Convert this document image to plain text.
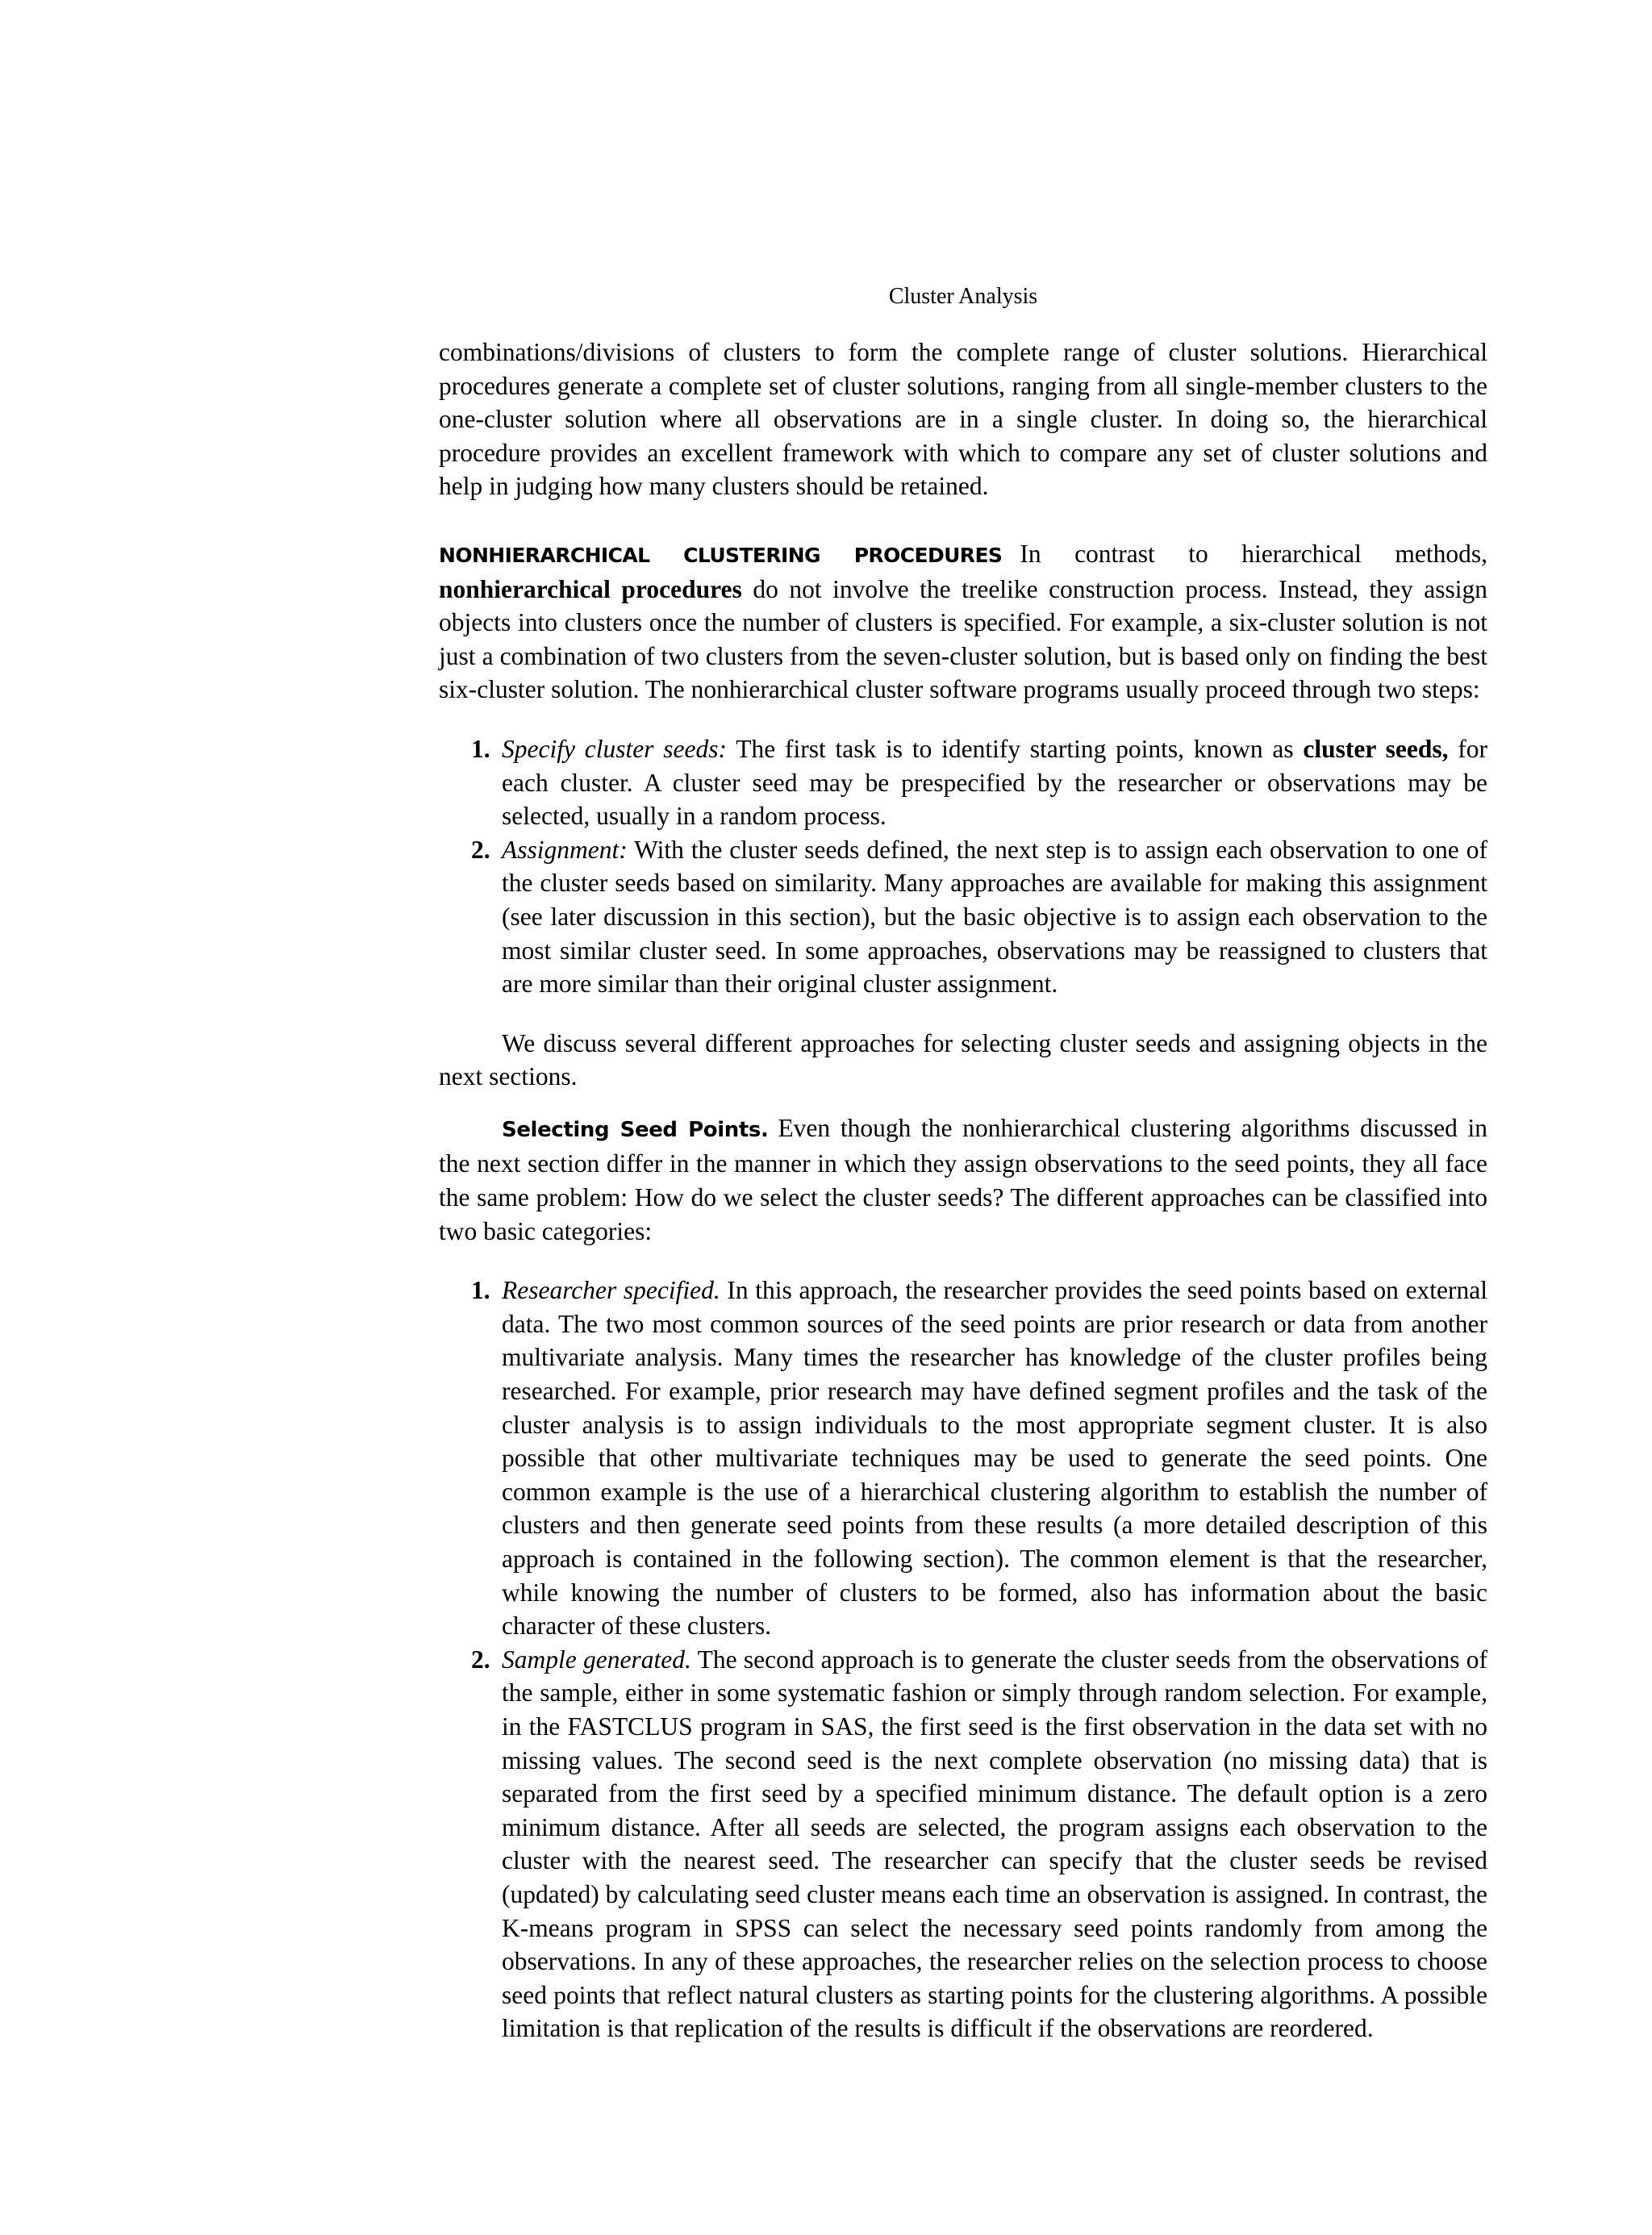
Cluster Analysis

combinations/divisions of clusters to form the complete range of cluster solutions. Hierarchical procedures generate a complete set of cluster solutions, ranging from all single-member clusters to the one-cluster solution where all observations are in a single cluster. In doing so, the hierarchical procedure provides an excellent framework with which to compare any set of cluster solutions and help in judging how many clusters should be retained.

NONHIERARCHICAL CLUSTERING PROCEDURES In contrast to hierarchical methods, nonhierarchical procedures do not involve the treelike construction process. Instead, they assign objects into clusters once the number of clusters is specified. For example, a six-cluster solution is not just a combination of two clusters from the seven-cluster solution, but is based only on finding the best six-cluster solution. The nonhierarchical cluster software programs usually proceed through two steps:

1. Specify cluster seeds: The first task is to identify starting points, known as cluster seeds, for each cluster. A cluster seed may be prespecified by the researcher or observations may be selected, usually in a random process.
2. Assignment: With the cluster seeds defined, the next step is to assign each observation to one of the cluster seeds based on similarity. Many approaches are available for making this assignment (see later discussion in this section), but the basic objective is to assign each observation to the most similar cluster seed. In some approaches, observations may be reassigned to clusters that are more similar than their original cluster assignment.

We discuss several different approaches for selecting cluster seeds and assigning objects in the next sections.

Selecting Seed Points. Even though the nonhierarchical clustering algorithms discussed in the next section differ in the manner in which they assign observations to the seed points, they all face the same problem: How do we select the cluster seeds? The different approaches can be classified into two basic categories:

1. Researcher specified. In this approach, the researcher provides the seed points based on external data. The two most common sources of the seed points are prior research or data from another multivariate analysis. Many times the researcher has knowledge of the cluster profiles being researched. For example, prior research may have defined segment profiles and the task of the cluster analysis is to assign individuals to the most appropriate segment cluster. It is also possible that other multivariate techniques may be used to generate the seed points. One common example is the use of a hierarchical clustering algorithm to establish the number of clusters and then generate seed points from these results (a more detailed description of this approach is contained in the following section). The common element is that the researcher, while knowing the number of clusters to be formed, also has information about the basic character of these clusters.
2. Sample generated. The second approach is to generate the cluster seeds from the observations of the sample, either in some systematic fashion or simply through random selection. For example, in the FASTCLUS program in SAS, the first seed is the first observation in the data set with no missing values. The second seed is the next complete observation (no missing data) that is separated from the first seed by a specified minimum distance. The default option is a zero minimum distance. After all seeds are selected, the program assigns each observation to the cluster with the nearest seed. The researcher can specify that the cluster seeds be revised (updated) by calculating seed cluster means each time an observation is assigned. In contrast, the K-means program in SPSS can select the necessary seed points randomly from among the observations. In any of these approaches, the researcher relies on the selection process to choose seed points that reflect natural clusters as starting points for the clustering algorithms. A possible limitation is that replication of the results is difficult if the observations are reordered.
